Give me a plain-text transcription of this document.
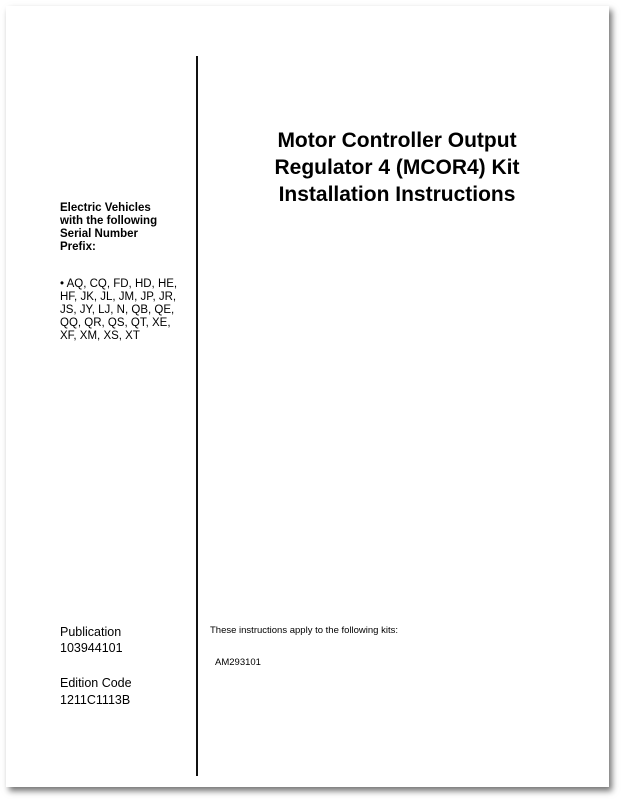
Electric Vehicles
with the following
Serial Number
Prefix:
• AQ, CQ, FD, HD, HE, HF, JK, JL, JM, JP, JR, JS, JY, LJ, N, QB, QE, QQ, QR, QS, QT, XE, XF, XM, XS, XT
Motor Controller Output
Regulator 4 (MCOR4) Kit
Installation Instructions
Publication
103944101
Edition Code
1211C1113B
These instructions apply to the following kits:
AM293101
